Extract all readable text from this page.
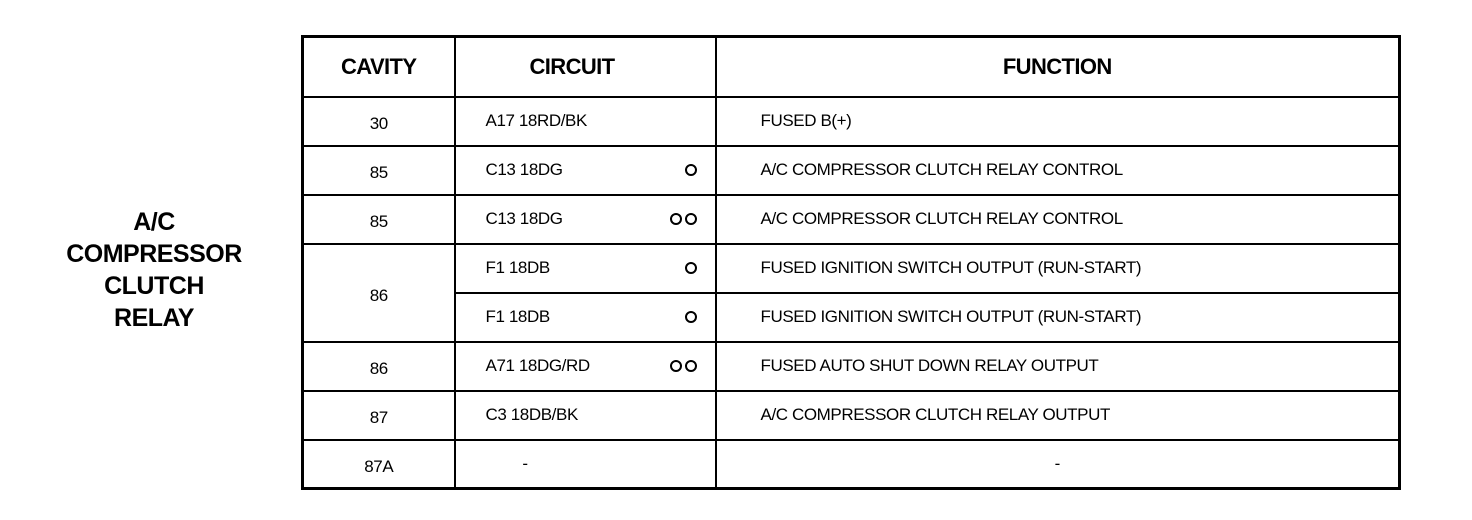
A/C
COMPRESSOR
CLUTCH
RELAY
CAVITY	CIRCUIT	FUNCTION
30	A17 18RD/BK	FUSED B(+)
85	C13 18DG	A/C COMPRESSOR CLUTCH RELAY CONTROL
85	C13 18DG	A/C COMPRESSOR CLUTCH RELAY CONTROL
86	F1 18DB	FUSED IGNITION SWITCH OUTPUT (RUN-START)

	F1 18DB	FUSED IGNITION SWITCH OUTPUT (RUN-START)
86	A71 18DG/RD	FUSED AUTO SHUT DOWN RELAY OUTPUT
87	C3 18DB/BK	A/C COMPRESSOR CLUTCH RELAY OUTPUT
87A	-	-
